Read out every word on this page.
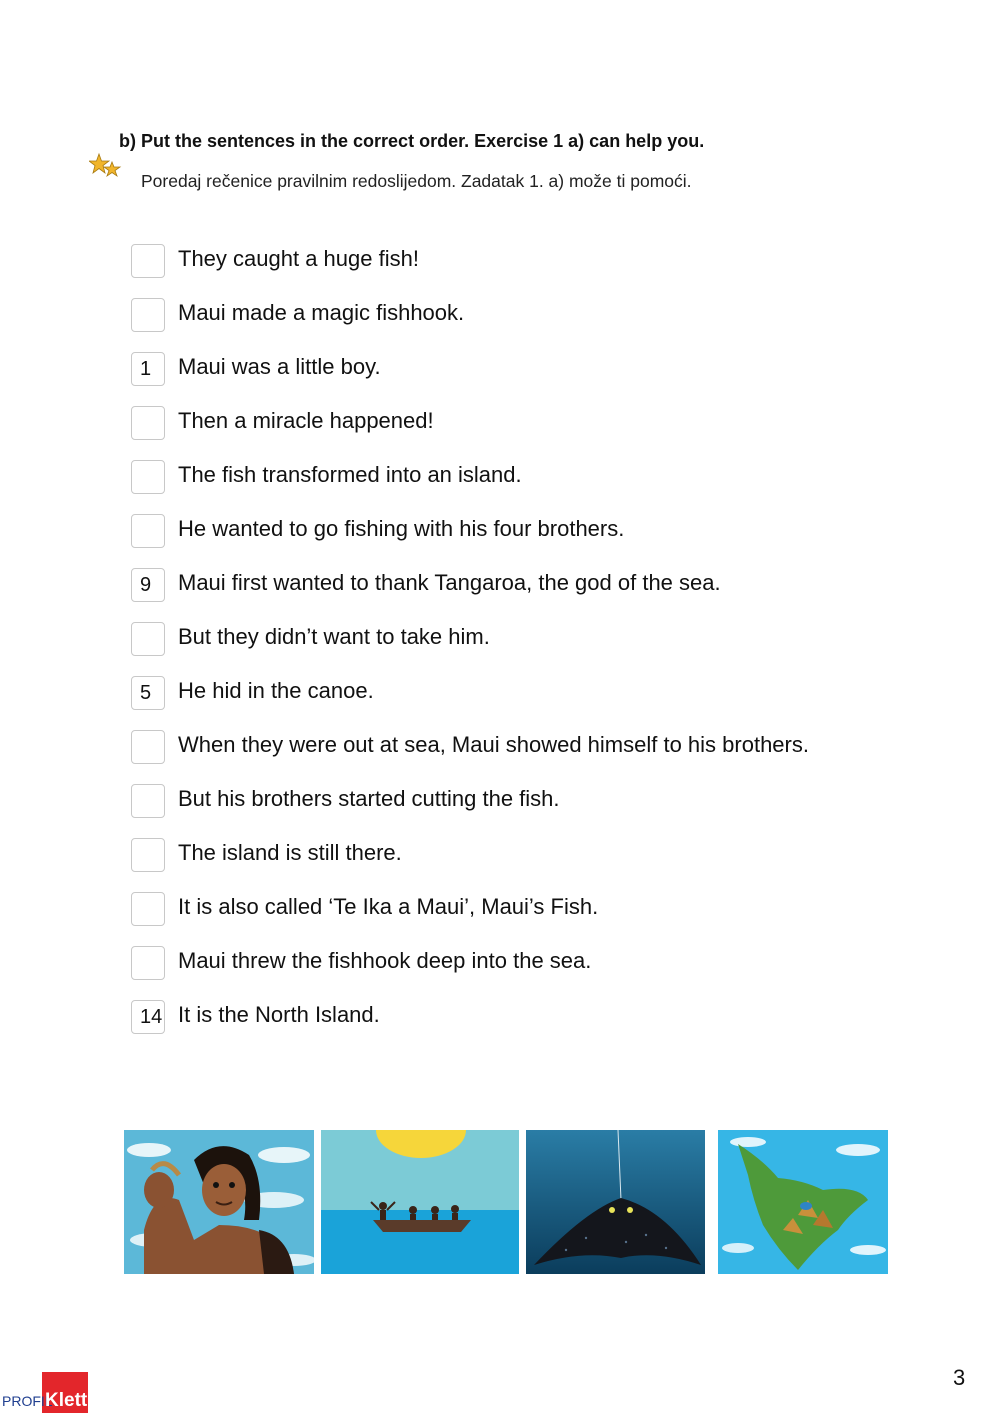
b) Put the sentences in the correct order. Exercise 1 a) can help you.
Poredaj rečenice pravilnim redoslijedom. Zadatak 1. a) može ti pomoći.
They caught a huge fish!
Maui made a magic fishhook.
1	Maui was a little boy.
Then a miracle happened!
The fish transformed into an island.
He wanted to go fishing with his four brothers.
9	Maui first wanted to thank Tangaroa, the god of the sea.
But they didn’t want to take him.
5	He hid in the canoe.
When they were out at sea, Maui showed himself to his brothers.
But his brothers started cutting the fish.
The island is still there.
It is also called ‘Te Ika a Maui’, Maui’s Fish.
Maui threw the fishhook deep into the sea.
14 It is the North Island.
PROFIL
Klett
3
